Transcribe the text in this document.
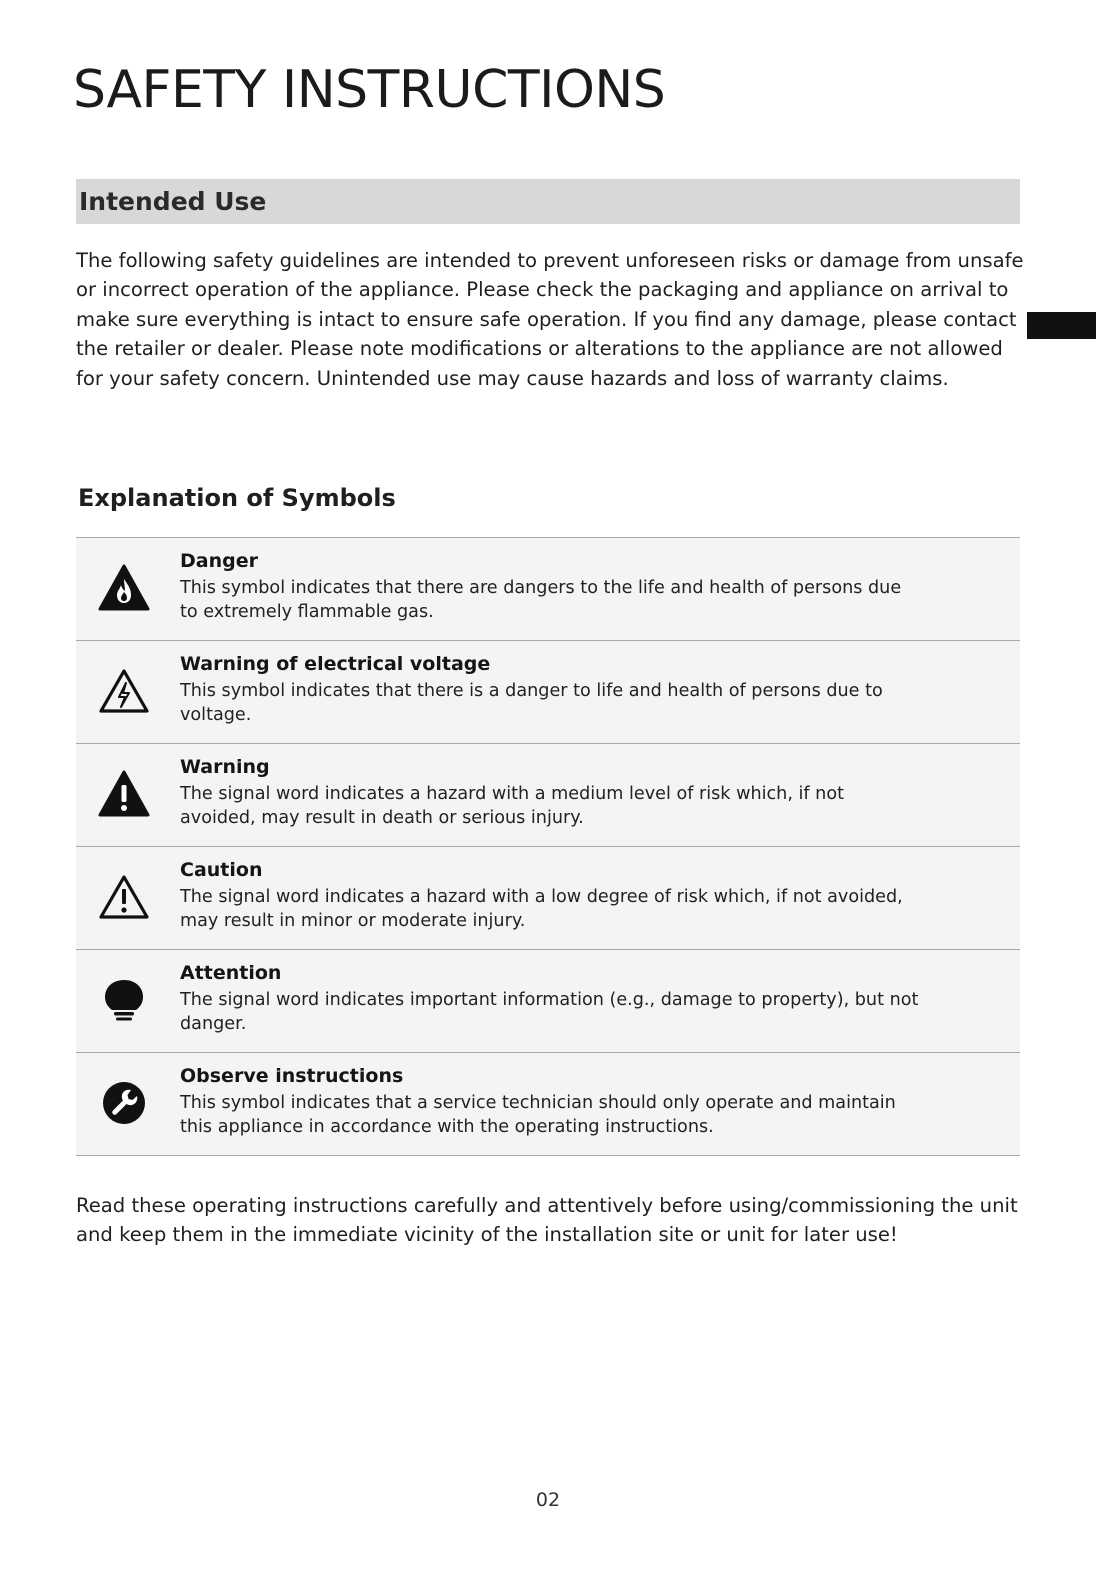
SAFETY INSTRUCTIONS
Intended Use

The following safety guidelines are intended to prevent unforeseen risks or damage from unsafe or incorrect operation of the appliance. Please check the packaging and appliance on arrival to make sure everything is intact to ensure safe operation. If you find any damage, please contact the retailer or dealer. Please note modifications or alterations to the appliance are not allowed for your safety concern. Unintended use may cause hazards and loss of warranty claims.

Explanation of Symbols
Danger
This symbol indicates that there are dangers to the life and health of persons due to extremely flammable gas.
Warning of electrical voltage
This symbol indicates that there is a danger to life and health of persons due to voltage.
Warning
The signal word indicates a hazard with a medium level of risk which, if not avoided, may result in death or serious injury.
Caution
The signal word indicates a hazard with a low degree of risk which, if not avoided, may result in minor or moderate injury.
Attention
The signal word indicates important information (e.g., damage to property), but not danger.
Observe instructions
This symbol indicates that a service technician should only operate and maintain this appliance in accordance with the operating instructions.

Read these operating instructions carefully and attentively before using/commissioning the unit and keep them in the immediate vicinity of the installation site or unit for later use!

02
